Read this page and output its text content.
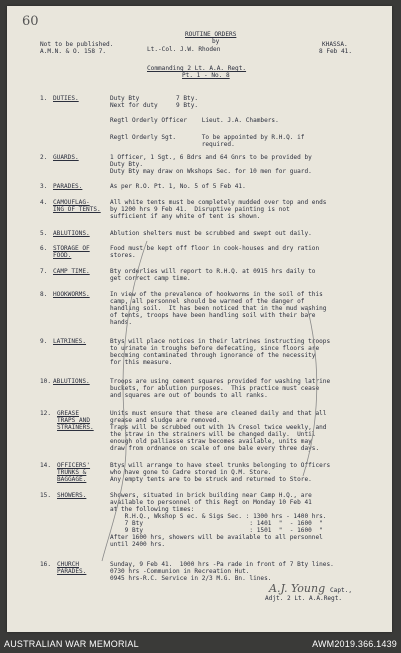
60
ROUTINE ORDERS
by
Not to be published.
A.M.N. & O. 158 7.	Lt.-Col. J.W. Rhoden
KHASSA.
8 Feb 41.
Commanding 2 Lt. A.A. Regt.
Pt. 1 - No. 8
1. DUTIES.	Duty Bty          7 Bty.
Next for duty     9 Bty.
Regtl Orderly Officer    Lieut. J.A. Chambers.
Regtl Orderly Sgt.       To be appointed by R.H.Q. if
required.
2. GUARDS.	1 Officer, 1 Sgt., 6 Bdrs and 64 Gnrs to be provided by
Duty Bty.
Duty Bty may draw on Wkshops Sec. for 10 men for guard.
3. PARADES.	As per R.O. Pt. 1, No. 5 of 5 Feb 41.
4. CAMOUFLAG-
ING OF TENTS.
All white tents must be completely mudded over top and ends
by 1200 hrs 9 Feb 41.  Disruptive painting is not
sufficient if any white of tent is shown.
5. ABLUTIONS.	Ablution shelters must be scrubbed and swept out daily.
6. STORAGE OF
FOOD.
Food must be kept off floor in cook-houses and dry ration
stores.
7. CAMP TIME.	Bty orderlies will report to R.H.Q. at 0915 hrs daily to
get correct camp time.
8. HOOKWORMS.	In view of the prevalence of hookworms in the soil of this
camp, all personnel should be warned of the danger of
handling soil.  It has been noticed that in the mud washing
of tents, troops have been handling soil with their bare
hands.
9. LATRINES.	Btys will place notices in their latrines instructing troops
to urinate in troughs before defecating, since floors are
becoming contaminated through ignorance of the necessity
for this measure.
10. ABLUTIONS.	Troops are using cement squares provided for washing latrine
buckets, for ablution purposes.  This practice must cease
and squares are out of bounds to all ranks.
12. GREASE
TRAPS AND
STRAINERS.
Units must ensure that these are cleaned daily and that all
grease and sludge are removed.
Traps will be scrubbed out with 1% Cresol twice weekly, and
the straw in the strainers will be changed daily.  Until
enough old palliasse straw becomes available, units may
draw from ordnance on scale of one bale every three days.
14. OFFICERS'
TRUNKS &
BAGGAGE.
Btys will arrange to have steel trunks belonging to Officers
who have gone to Cadre stored in Q.M. Store.
Any empty tents are to be struck and returned to Store.
15. SHOWERS.	Showers, situated in brick building near Camp H.Q., are
available to personnel of this Regt on Monday 10 Feb 41
at the following times:
R.H.Q., Wkshop S ec. & Sigs Sec. : 1300 hrs - 1400 hrs.
7 Bty                             : 1401  "  - 1600  "
9 Bty                             : 1501  "  - 1600  "
After 1600 hrs, showers will be available to all personnel
until 2400 hrs.
16. CHURCH
PARADES.
Sunday, 9 Feb 41.  1000 hrs -Pa rade in front of 7 Bty lines.
0730 hrs -Communion in Recreation Hut.
0945 hrs-R.C. Service in 2/3 M.G. Bn. lines.
A.J. Young Capt.,
Adjt. 2 Lt. A.A.Regt.
AUSTRALIAN WAR MEMORIAL	AWM2019.366.1439
